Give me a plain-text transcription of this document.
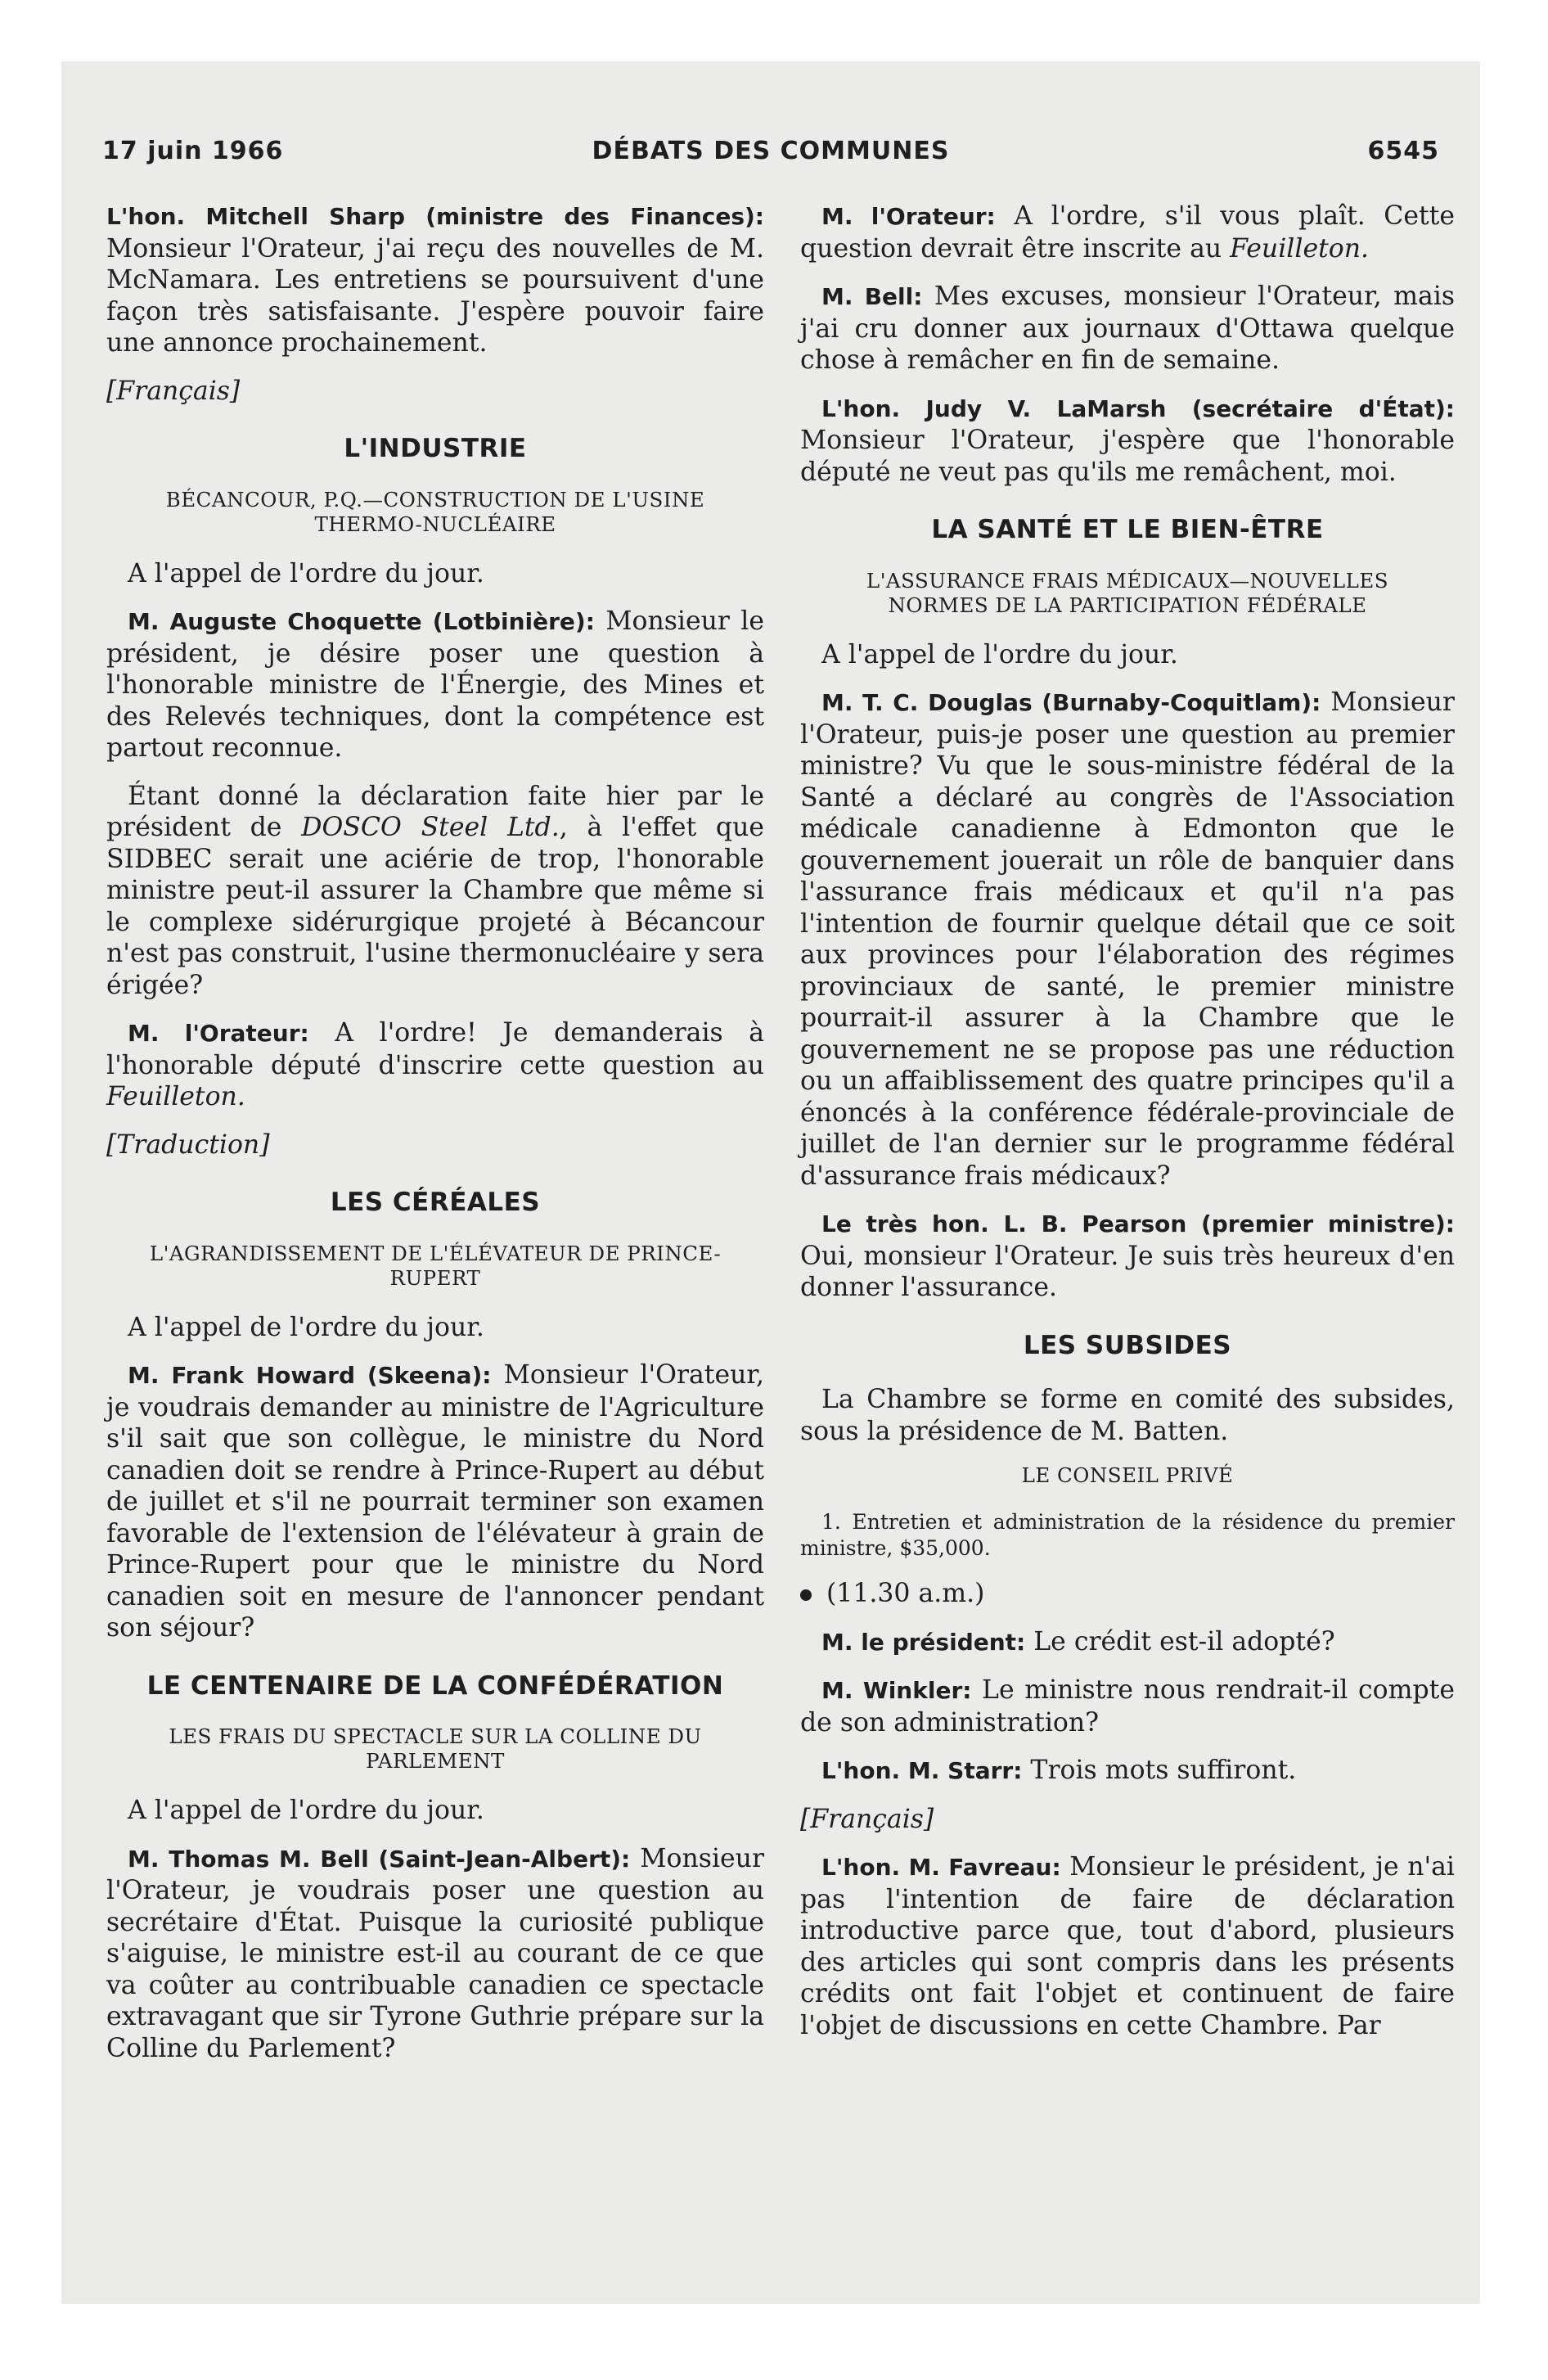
17 juin 1966	DÉBATS DES COMMUNES	6545

L'hon. Mitchell Sharp (ministre des Finances): Monsieur l'Orateur, j'ai reçu des nouvelles de M. McNamara. Les entretiens se poursuivent d'une façon très satisfaisante. J'espère pouvoir faire une annonce prochainement.

[Français]
L'INDUSTRIE
BÉCANCOUR, P.Q.—CONSTRUCTION DE L'USINE THERMO-NUCLÉAIRE

A l'appel de l'ordre du jour.

M. Auguste Choquette (Lotbinière): Monsieur le président, je désire poser une question à l'honorable ministre de l'Énergie, des Mines et des Relevés techniques, dont la compétence est partout reconnue.

Étant donné la déclaration faite hier par le président de DOSCO Steel Ltd., à l'effet que SIDBEC serait une aciérie de trop, l'honorable ministre peut-il assurer la Chambre que même si le complexe sidérurgique projeté à Bécancour n'est pas construit, l'usine thermonucléaire y sera érigée?

M. l'Orateur: A l'ordre! Je demanderais à l'honorable député d'inscrire cette question au Feuilleton.

[Traduction]
LES CÉRÉALES
L'AGRANDISSEMENT DE L'ÉLÉVATEUR DE PRINCE-RUPERT

A l'appel de l'ordre du jour.

M. Frank Howard (Skeena): Monsieur l'Orateur, je voudrais demander au ministre de l'Agriculture s'il sait que son collègue, le ministre du Nord canadien doit se rendre à Prince-Rupert au début de juillet et s'il ne pourrait terminer son examen favorable de l'extension de l'élévateur à grain de Prince-Rupert pour que le ministre du Nord canadien soit en mesure de l'annoncer pendant son séjour?

LE CENTENAIRE DE LA CONFÉDÉRATION
LES FRAIS DU SPECTACLE SUR LA COLLINE DU PARLEMENT

A l'appel de l'ordre du jour.

M. Thomas M. Bell (Saint-Jean-Albert): Monsieur l'Orateur, je voudrais poser une question au secrétaire d'État. Puisque la curiosité publique s'aiguise, le ministre est-il au courant de ce que va coûter au contribuable canadien ce spectacle extravagant que sir Tyrone Guthrie prépare sur la Colline du Parlement?

M. l'Orateur: A l'ordre, s'il vous plaît. Cette question devrait être inscrite au Feuilleton.

M. Bell: Mes excuses, monsieur l'Orateur, mais j'ai cru donner aux journaux d'Ottawa quelque chose à remâcher en fin de semaine.

L'hon. Judy V. LaMarsh (secrétaire d'État): Monsieur l'Orateur, j'espère que l'honorable député ne veut pas qu'ils me remâchent, moi.

LA SANTÉ ET LE BIEN-ÊTRE
L'ASSURANCE FRAIS MÉDICAUX—NOUVELLES NORMES DE LA PARTICIPATION FÉDÉRALE

A l'appel de l'ordre du jour.

M. T. C. Douglas (Burnaby-Coquitlam): Monsieur l'Orateur, puis-je poser une question au premier ministre? Vu que le sous-ministre fédéral de la Santé a déclaré au congrès de l'Association médicale canadienne à Edmonton que le gouvernement jouerait un rôle de banquier dans l'assurance frais médicaux et qu'il n'a pas l'intention de fournir quelque détail que ce soit aux provinces pour l'élaboration des régimes provinciaux de santé, le premier ministre pourrait-il assurer à la Chambre que le gouvernement ne se propose pas une réduction ou un affaiblissement des quatre principes qu'il a énoncés à la conférence fédérale-provinciale de juillet de l'an dernier sur le programme fédéral d'assurance frais médicaux?

Le très hon. L. B. Pearson (premier ministre): Oui, monsieur l'Orateur. Je suis très heureux d'en donner l'assurance.

LES SUBSIDES

La Chambre se forme en comité des subsides, sous la présidence de M. Batten.

LE CONSEIL PRIVÉ

1. Entretien et administration de la résidence du premier ministre, $35,000.

(11.30 a.m.)

M. le président: Le crédit est-il adopté?

M. Winkler: Le ministre nous rendrait-il compte de son administration?

L'hon. M. Starr: Trois mots suffiront.

[Français]

L'hon. M. Favreau: Monsieur le président, je n'ai pas l'intention de faire de déclaration introductive parce que, tout d'abord, plusieurs des articles qui sont compris dans les présents crédits ont fait l'objet et continuent de faire l'objet de discussions en cette Chambre. Par
